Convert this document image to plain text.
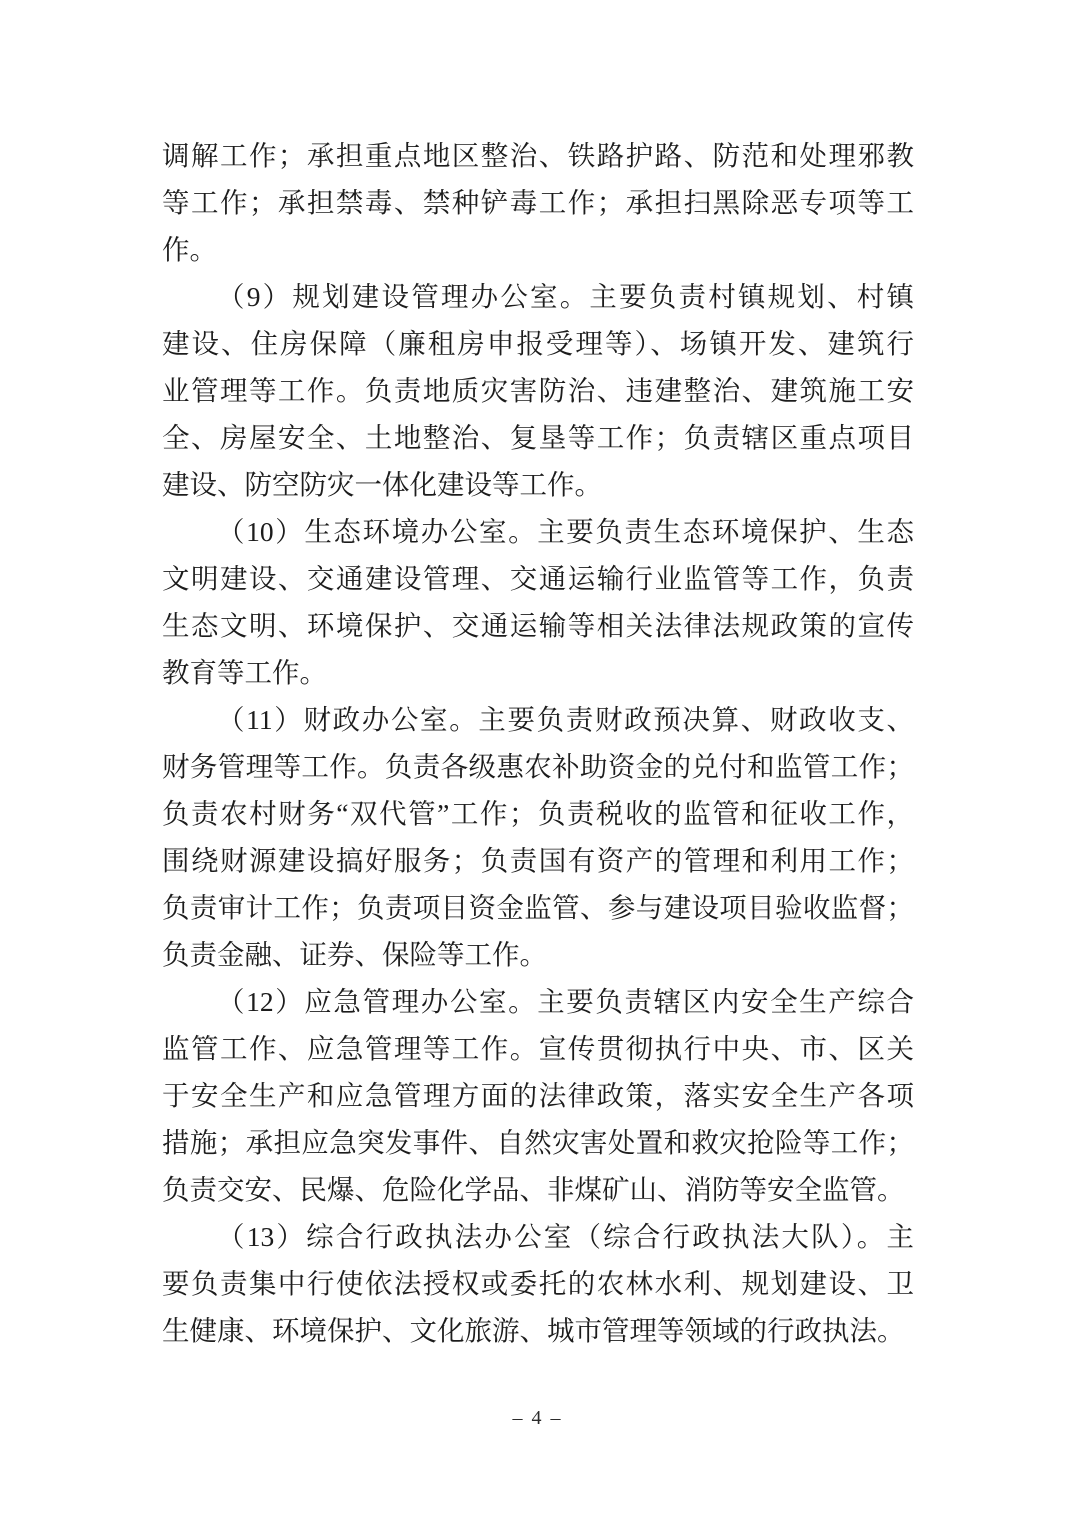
调解工作；承担重点地区整治、铁路护路、防范和处理邪教
等工作；承担禁毒、禁种铲毒工作；承担扫黑除恶专项等工
作。
（9）规划建设管理办公室。主要负责村镇规划、村镇
建设、住房保障（廉租房申报受理等）、场镇开发、建筑行
业管理等工作。负责地质灾害防治、违建整治、建筑施工安
全、房屋安全、土地整治、复垦等工作；负责辖区重点项目
建设、防空防灾一体化建设等工作。
（10）生态环境办公室。主要负责生态环境保护、生态
文明建设、交通建设管理、交通运输行业监管等工作，负责
生态文明、环境保护、交通运输等相关法律法规政策的宣传
教育等工作。
（11）财政办公室。主要负责财政预决算、财政收支、
财务管理等工作。负责各级惠农补助资金的兑付和监管工作；
负责农村财务“双代管”工作；负责税收的监管和征收工作，
围绕财源建设搞好服务；负责国有资产的管理和利用工作；
负责审计工作；负责项目资金监管、参与建设项目验收监督；
负责金融、证券、保险等工作。
（12）应急管理办公室。主要负责辖区内安全生产综合
监管工作、应急管理等工作。宣传贯彻执行中央、市、区关
于安全生产和应急管理方面的法律政策，落实安全生产各项
措施；承担应急突发事件、自然灾害处置和救灾抢险等工作；
负责交安、民爆、危险化学品、非煤矿山、消防等安全监管。
（13）综合行政执法办公室（综合行政执法大队）。主
要负责集中行使依法授权或委托的农林水利、规划建设、卫
生健康、环境保护、文化旅游、城市管理等领域的行政执法。
– 4 –
